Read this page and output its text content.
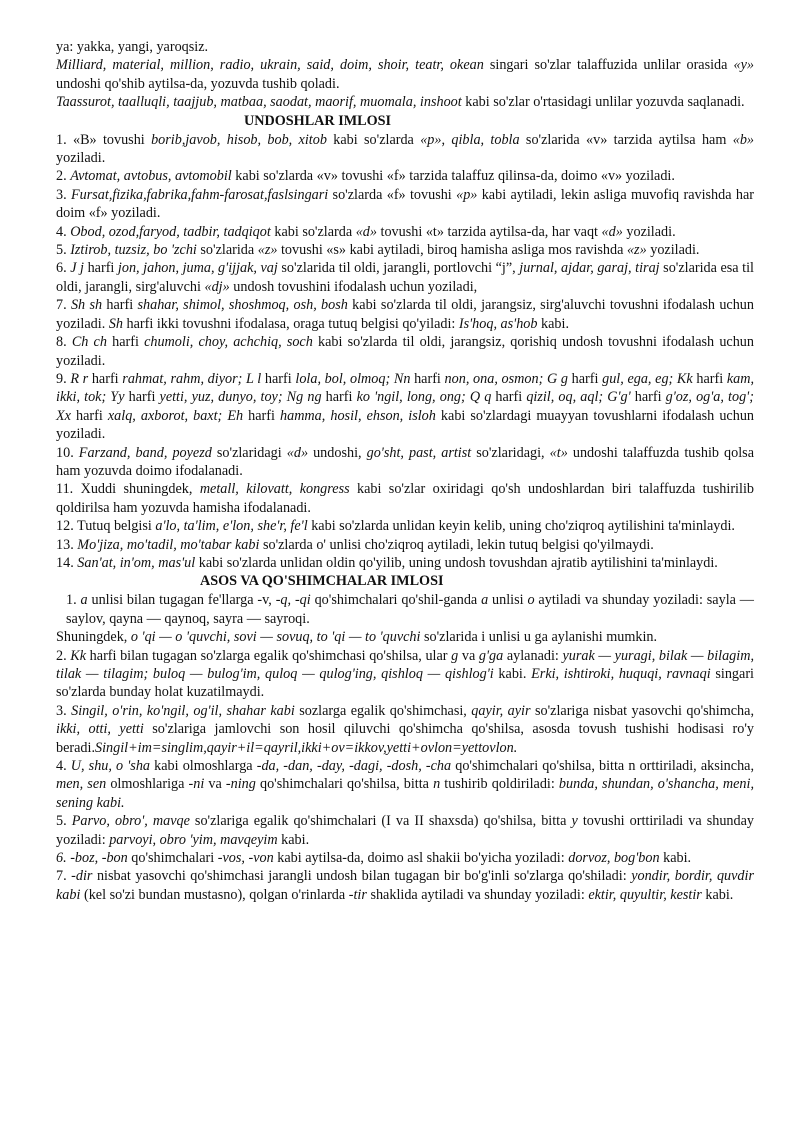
ya: yakka, yangi, yaroqsiz.

Milliard, material, million, radio, ukrain, said, doim, shoir, teatr, okean singari so'zlar talaffuzida unlilar orasida «y» undoshi qo'shib aytilsa-da, yozuvda tushib qoladi.

Taassurot, taalluqli, taajjub, matbaa, saodat, maorif, muomala, inshoot kabi so'zlar o'rtasidagi unlilar yozuvda saqlanadi.

UNDOSHLAR IMLOSI

1. «B» tovushi borib,javob, hisob, bob, xitob kabi so'zlarda «p», qibla, tobla so'zlarida «v» tarzida aytilsa ham «b» yoziladi.

2. Avtomat, avtobus, avtomobil kabi so'zlarda «v» tovushi «f» tarzida talaffuz qilinsa-da, doimo «v» yoziladi.

3. Fursat,fizika,fabrika,fahm-farosat,faslsingari so'zlarda «f» tovushi «p» kabi aytiladi, lekin asliga muvofiq ravishda har doim «f» yoziladi.

4. Obod, ozod,faryod, tadbir, tadqiqot kabi so'zlarda «d» tovushi «t» tarzida aytilsa-da, har vaqt «d» yoziladi.

5. Iztirob, tuzsiz, bo 'zchi so'zlarida «z» tovushi «s» kabi aytiladi, biroq hamisha asliga mos ravishda «z» yoziladi.

6. J j harfi jon, jahon, juma, g'ijjak, vaj so'zlarida til oldi, jarangli, portlovchi “j”, jurnal, ajdar, garaj, tiraj so'zlarida esa til oldi, jarangli, sirg'aluvchi «dj» undosh tovushini ifodalash uchun yoziladi,

7. Sh sh harfi shahar, shimol, shoshmoq, osh, bosh kabi so'zlarda til oldi, jarangsiz, sirg'aluvchi tovushni ifodalash uchun yoziladi. Sh harfi ikki tovushni ifodalasa, oraga tutuq belgisi qo'yiladi: Is'hoq, as'hob kabi.

8. Ch ch harfi chumoli, choy, achchiq, soch kabi so'zlarda til oldi, jarangsiz, qorishiq undosh tovushni ifodalash uchun yoziladi.

9. R r harfi rahmat, rahm, diyor; L l harfi lola, bol, olmoq; Nn harfi non, ona, osmon; G g harfi gul, ega, eg; Kk harfi kam, ikki, tok; Yy harfi yetti, yuz, dunyo, toy; Ng ng harfi ko 'ngil, long, ong; Q q harfi qizil, oq, aql; G'g' harfi g'oz, og'a, tog'; Xx harfi xalq, axborot, baxt; Eh harfi hamma, hosil, ehson, isloh kabi so'zlardagi muayyan tovushlarni ifodalash uchun yoziladi.

10. Farzand, band, poyezd so'zlaridagi «d» undoshi, go'sht, past, artist so'zlaridagi, «t» undoshi talaffuzda tushib qolsa ham yozuvda doimo ifodalanadi.

11. Xuddi shuningdek, metall, kilovatt, kongress kabi so'zlar oxiridagi qo'sh undoshlardan biri talaffuzda tushirilib qoldirilsa ham yozuvda hamisha ifodalanadi.

12. Tutuq belgisi a'lo, ta'lim, e'lon, she'r, fe'l kabi so'zlarda unlidan keyin kelib, uning cho'ziqroq aytilishini ta'minlaydi.

13. Mo'jiza, mo'tadil, mo'tabar kabi so'zlarda o' unlisi cho'ziqroq aytiladi, lekin tutuq belgisi qo'yilmaydi.

14. San'at, in'om, mas'ul kabi so'zlarda unlidan oldin qo'yilib, uning undosh tovushdan ajratib aytilishini ta'minlaydi.

ASOS VA QO'SHIMCHALAR IMLOSI

1. a unlisi bilan tugagan fe'llarga -v, -q, -qi qo'shimchalari qo'shil-ganda a unlisi o aytiladi va shunday yoziladi: sayla — saylov, qayna — qaynoq, sayra — sayroqi.

Shuningdek, o 'qi — o 'quvchi, sovi — sovuq, to 'qi — to 'quvchi so'zlarida i unlisi u ga aylanishi mumkin.

2. Kk harfi bilan tugagan so'zlarga egalik qo'shimchasi qo'shilsa, ular g va g'ga aylanadi: yurak — yuragi, bilak — bilagim, tilak — tilagim; buloq — bulog'im, quloq — qulog'ing, qishloq — qishlog'i kabi. Erki, ishtiroki, huquqi, ravnaqi singari so'zlarda bunday holat kuzatilmaydi.

3. Singil, o'rin, ko'ngil, og'il, shahar kabi sozlarga egalik qo'shimchasi, qayir, ayir so'zlariga nisbat yasovchi qo'shimcha, ikki, otti, yetti so'zlariga jamlovchi son hosil qiluvchi qo'shimcha qo'shilsa, asosda tovush tushishi hodisasi ro'y beradi.Singil+im=singlim,qayir+il=qayril,ikki+ov=ikkov,yetti+ovlon=yettovlon.

4. U, shu, o 'sha kabi olmoshlarga -da, -dan, -day, -dagi, -dosh, -cha qo'shimchalari qo'shilsa, bitta n orttiriladi, aksincha, men, sen olmoshlariga -ni va -ning qo'shimchalari qo'shilsa, bitta n tushirib qoldiriladi: bunda, shundan, o'shancha, meni, sening kabi.

5. Parvo, obro', mavqe so'zlariga egalik qo'shimchalari (I va II shaxsda) qo'shilsa, bitta y tovushi orttiriladi va shunday yoziladi: parvoyi, obro 'yim, mavqeyim kabi.

6. -boz, -bon qo'shimchalari -vos, -von kabi aytilsa-da, doimo asl shakii bo'yicha yoziladi: dorvoz, bog'bon kabi.

7. -dir nisbat yasovchi qo'shimchasi jarangli undosh bilan tugagan bir bo'g'inli so'zlarga qo'shiladi: yondir, bordir, quvdir kabi (kel so'zi bundan mustasno), qolgan o'rinlarda -tir shaklida aytiladi va shunday yoziladi: ektir, quyultir, kestir kabi.
